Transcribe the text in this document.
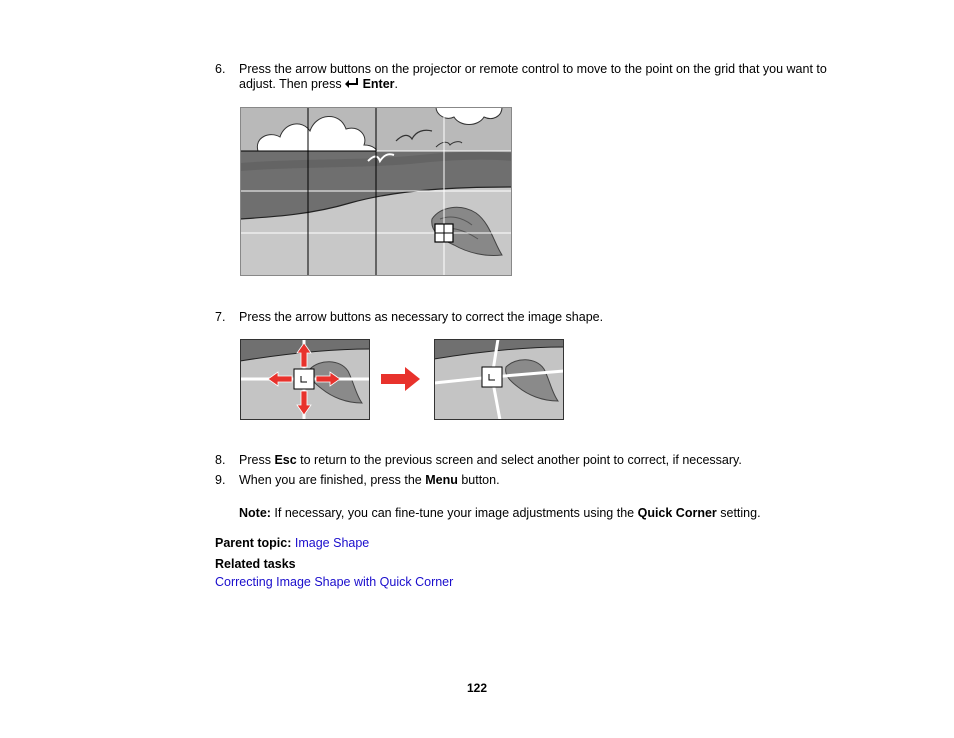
6. Press the arrow buttons on the projector or remote control to move to the point on the grid that you want to adjust. Then press  Enter.
7. Press the arrow buttons as necessary to correct the image shape.
8. Press Esc to return to the previous screen and select another point to correct, if necessary.
9. When you are finished, press the Menu button.
Note: If necessary, you can fine-tune your image adjustments using the Quick Corner setting.
Parent topic: Image Shape
Related tasks
Correcting Image Shape with Quick Corner
122
